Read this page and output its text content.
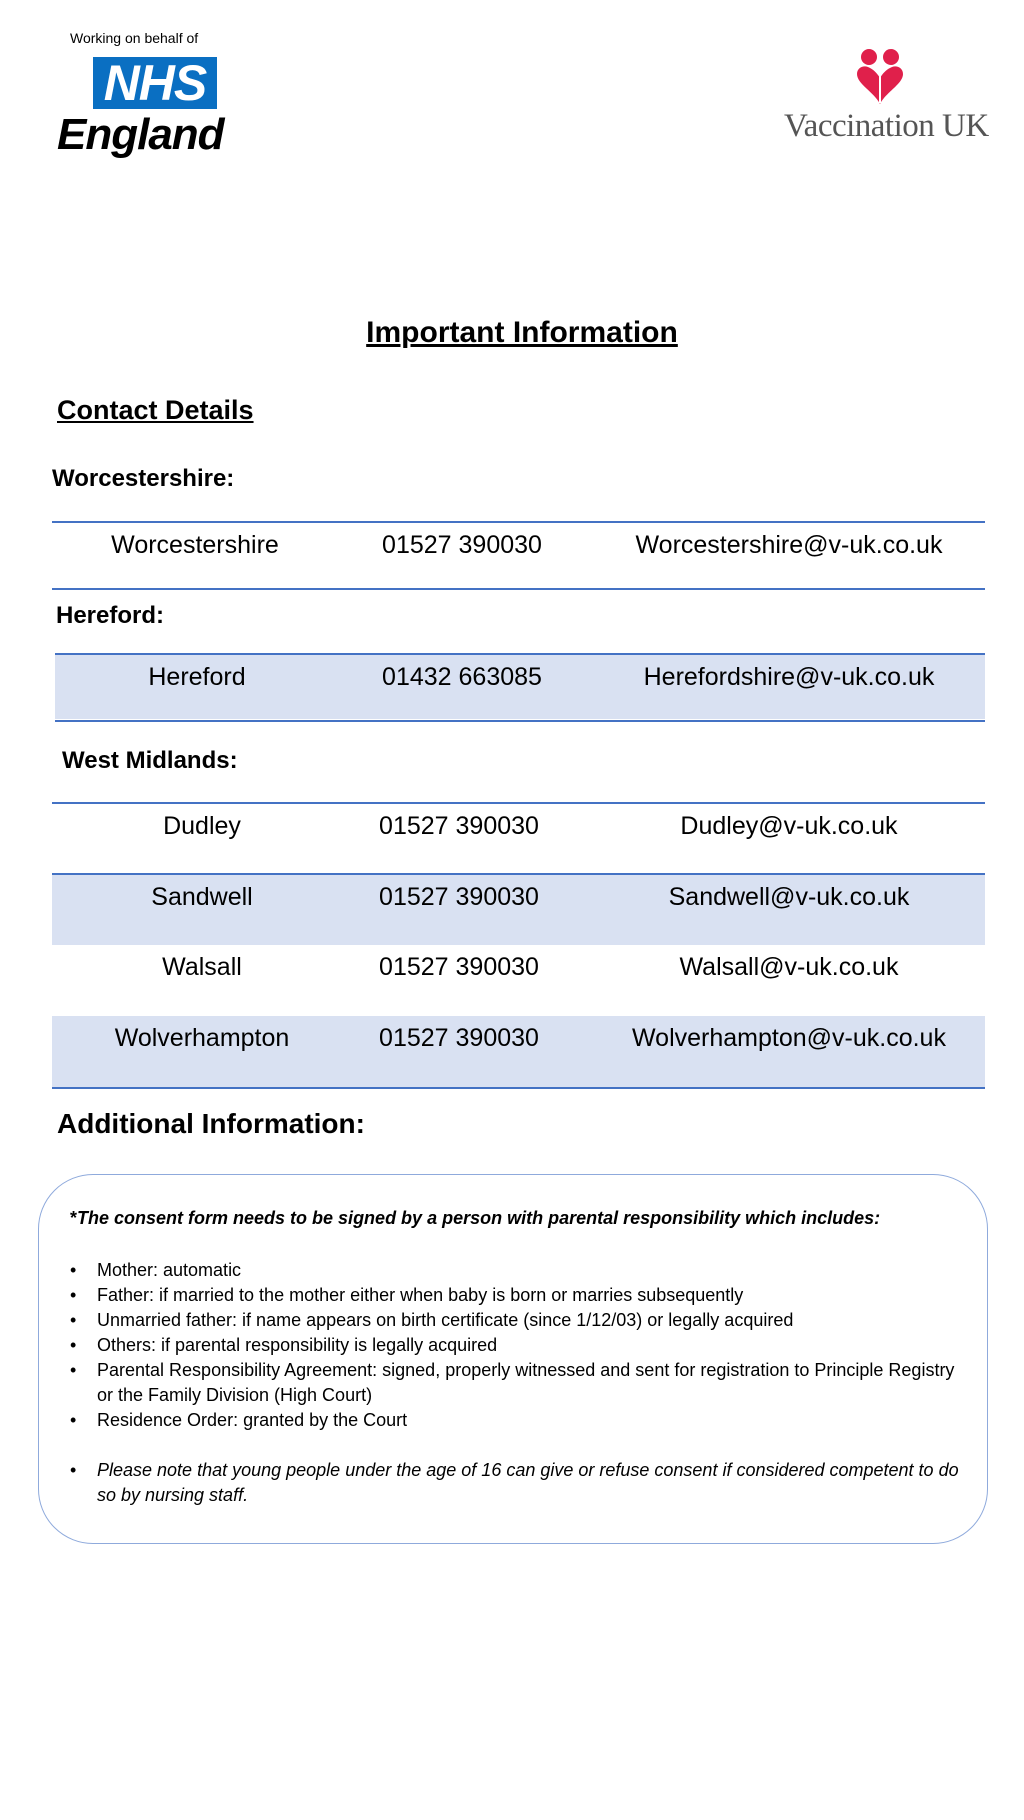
Working on behalf of
NHS
England	Vaccination UK
Important Information
Contact Details
Worcestershire:
Worcestershire	01527 390030	Worcestershire@v-uk.co.uk
Hereford:
Hereford	01432 663085	Herefordshire@v-uk.co.uk
West Midlands:
Dudley	01527 390030	Dudley@v-uk.co.uk
Sandwell	01527 390030	Sandwell@v-uk.co.uk
Walsall	01527 390030	Walsall@v-uk.co.uk
Wolverhampton	01527 390030	Wolverhampton@v-uk.co.uk
Additional Information:
*The consent form needs to be signed by a person with parental responsibility which includes:
• Mother: automatic
• Father: if married to the mother either when baby is born or marries subsequently
• Unmarried father: if name appears on birth certificate (since 1/12/03) or legally acquired
• Others: if parental responsibility is legally acquired
• Parental Responsibility Agreement: signed, properly witnessed and sent for registration to Principle Registry or the Family Division (High Court)
• Residence Order: granted by the Court
• Please note that young people under the age of 16 can give or refuse consent if considered competent to do so by nursing staff.
